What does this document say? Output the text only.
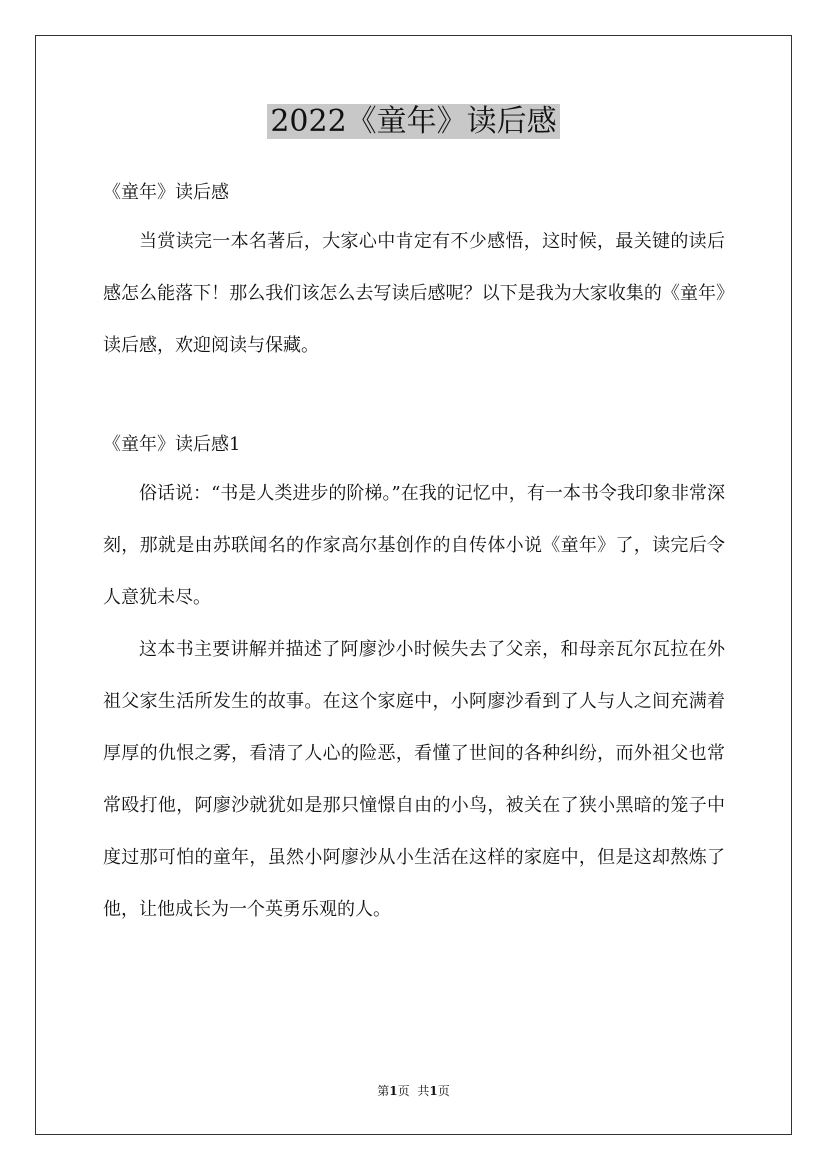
2022《童年》读后感

《童年》读后感

当赏读完一本名著后，大家心中肯定有不少感悟，这时候，最关键的读后感怎么能落下！那么我们该怎么去写读后感呢？以下是我为大家收集的《童年》读后感，欢迎阅读与保藏。

《童年》读后感1

俗话说：“书是人类进步的阶梯。”在我的记忆中，有一本书令我印象非常深刻，那就是由苏联闻名的作家高尔基创作的自传体小说《童年》了，读完后令人意犹未尽。

这本书主要讲解并描述了阿廖沙小时候失去了父亲，和母亲瓦尔瓦拉在外祖父家生活所发生的故事。在这个家庭中，小阿廖沙看到了人与人之间充满着厚厚的仇恨之雾，看清了人心的险恶，看懂了世间的各种纠纷，而外祖父也常常殴打他，阿廖沙就犹如是那只憧憬自由的小鸟，被关在了狭小黑暗的笼子中度过那可怕的童年，虽然小阿廖沙从小生活在这样的家庭中，但是这却熬炼了他，让他成长为一个英勇乐观的人。

第1页 共1页
